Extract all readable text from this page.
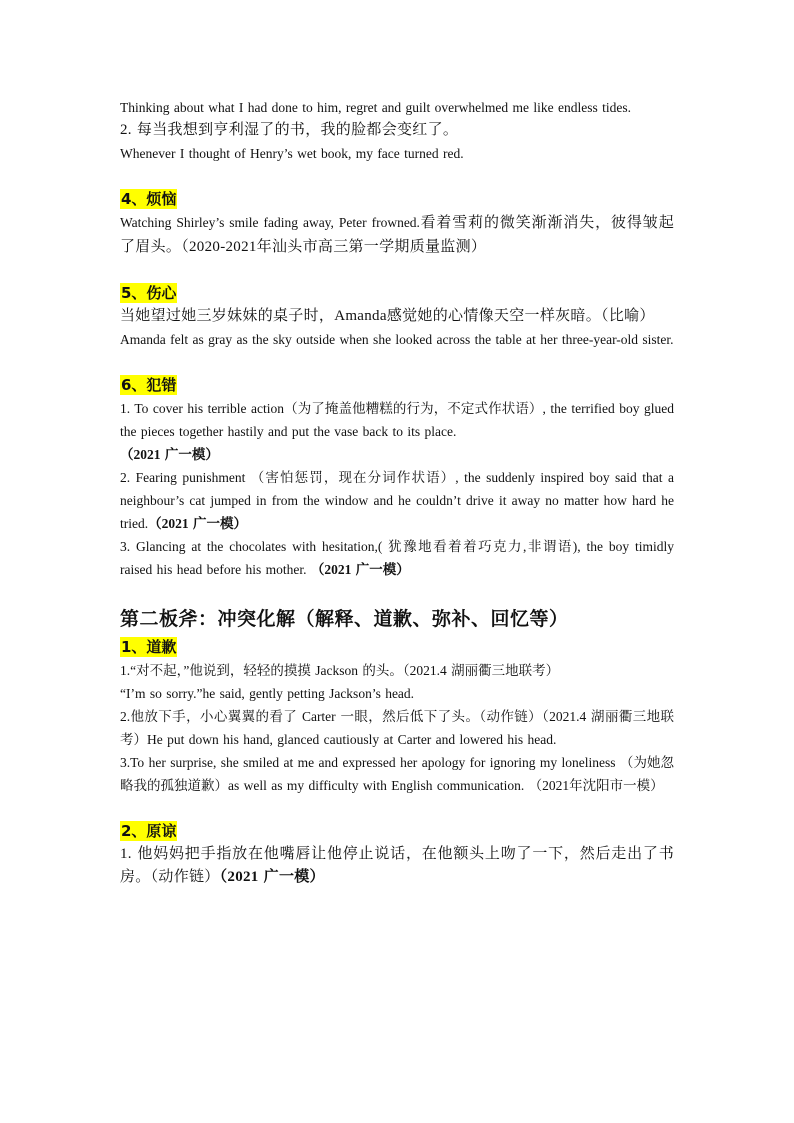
Thinking about what I had done to him, regret and guilt overwhelmed me like endless tides.

2. 每当我想到亨利湿了的书，我的脸都会变红了。

Whenever I thought of Henry’s wet book, my face turned red.

4、烦恼

Watching Shirley’s smile fading away, Peter frowned.看着雪莉的微笑渐渐消失，彼得皱起了眉头。（2020-2021年汕头市高三第一学期质量监测）

5、伤心

当她望过她三岁妹妹的桌子时，Amanda感觉她的心情像天空一样灰暗。（比喻）

Amanda felt as gray as the sky outside when she looked across the table at her three-year-old sister.

6、犯错

1. To cover his terrible action（为了掩盖他糟糕的行为，不定式作状语）, the terrified boy glued the pieces together hastily and put the vase back to its place.
（2021 广一模）

2. Fearing punishment （害怕惩罚，现在分词作状语）, the suddenly inspired boy said that a neighbour’s cat jumped in from the window and he couldn’t drive it away no matter how hard he tried.（2021 广一模）

3. Glancing at the chocolates with hesitation,( 犹豫地看着着巧克力,非谓语), the boy timidly raised his head before his mother. （2021 广一模）

第二板斧：冲突化解（解释、道歉、弥补、回忆等）

1、道歉

1.“对不起，”他说到，轻轻的摸摸 Jackson 的头。（2021.4 湖丽衢三地联考）

“I’m so sorry.”he said, gently petting Jackson’s head.

2.他放下手，小心翼翼的看了 Carter 一眼，然后低下了头。（动作链）（2021.4 湖丽衢三地联考）He put down his hand, glanced cautiously at Carter and lowered his head.

3.To her surprise, she smiled at me and expressed her apology for ignoring my loneliness （为她忽略我的孤独道歉）as well as my difficulty with English communication. （2021年沈阳市一模）

2、原谅

1. 他妈妈把手指放在他嘴唇让他停止说话，在他额头上吻了一下，然后走出了书房。（动作链）（2021 广一模）
